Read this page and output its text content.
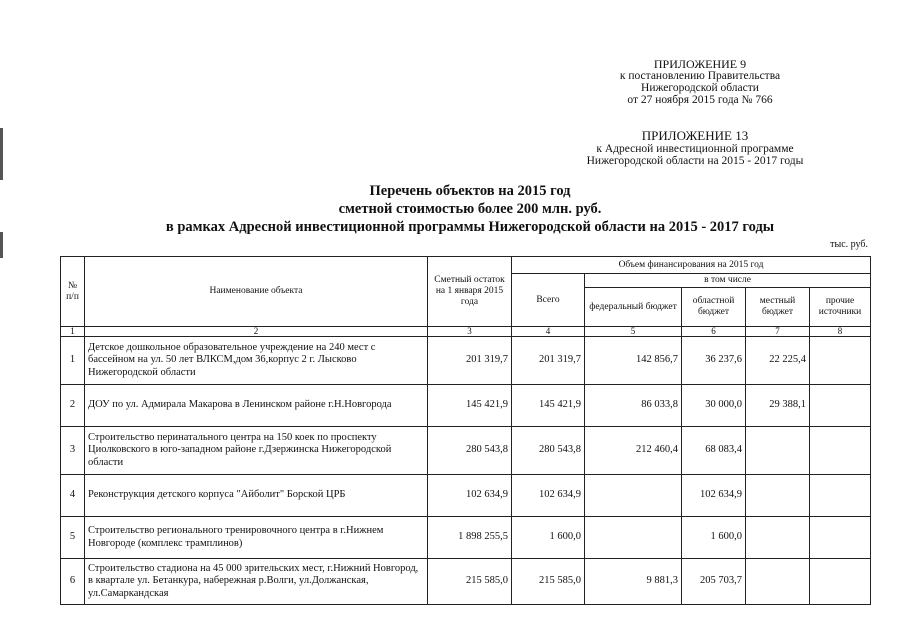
ПРИЛОЖЕНИЕ 9
к постановлению Правительства
Нижегородской области
от 27 ноября 2015 года № 766
ПРИЛОЖЕНИЕ 13
к Адресной инвестиционной программе
Нижегородской области на 2015 - 2017 годы
Перечень объектов на 2015 год
сметной стоимостью более 200 млн. руб.
в рамках Адресной инвестиционной программы Нижегородской области на 2015 - 2017 годы
тыс. руб.
№ п/п	Наименование объекта	Сметный остаток на 1 января 2015 года	Объем финансирования на 2015 год				
			Всего	в том числе			
				федеральный бюджет	областной бюджет	местный бюджет	прочие источники
1	2	3	4	5	6	7	8
1	Детское дошкольное образовательное учреждение на 240 мест с бассейном на ул. 50 лет ВЛКСМ,дом 36,корпус 2 г. Лысково Нижегородской области	201 319,7	201 319,7	142 856,7	36 237,6	22 225,4	
2	ДОУ по ул. Адмирала Макарова в Ленинском районе г.Н.Новгорода	145 421,9	145 421,9	86 033,8	30 000,0	29 388,1	
3	Строительство перинатального центра на 150 коек по проспекту Циолковского в юго-западном районе г.Дзержинска Нижегородской области	280 543,8	280 543,8	212 460,4	68 083,4		
4	Реконструкция детского корпуса "Айболит" Борской ЦРБ	102 634,9	102 634,9		102 634,9		
5	Строительство регионального тренировочного центра в г.Нижнем Новгороде (комплекс трамплинов)	1 898 255,5	1 600,0		1 600,0		
6	Строительство стадиона на 45 000 зрительских мест, г.Нижний Новгород, в квартале ул. Бетанкура, набережная р.Волги, ул.Должанская, ул.Самаркандская	215 585,0	215 585,0	9 881,3	205 703,7		
